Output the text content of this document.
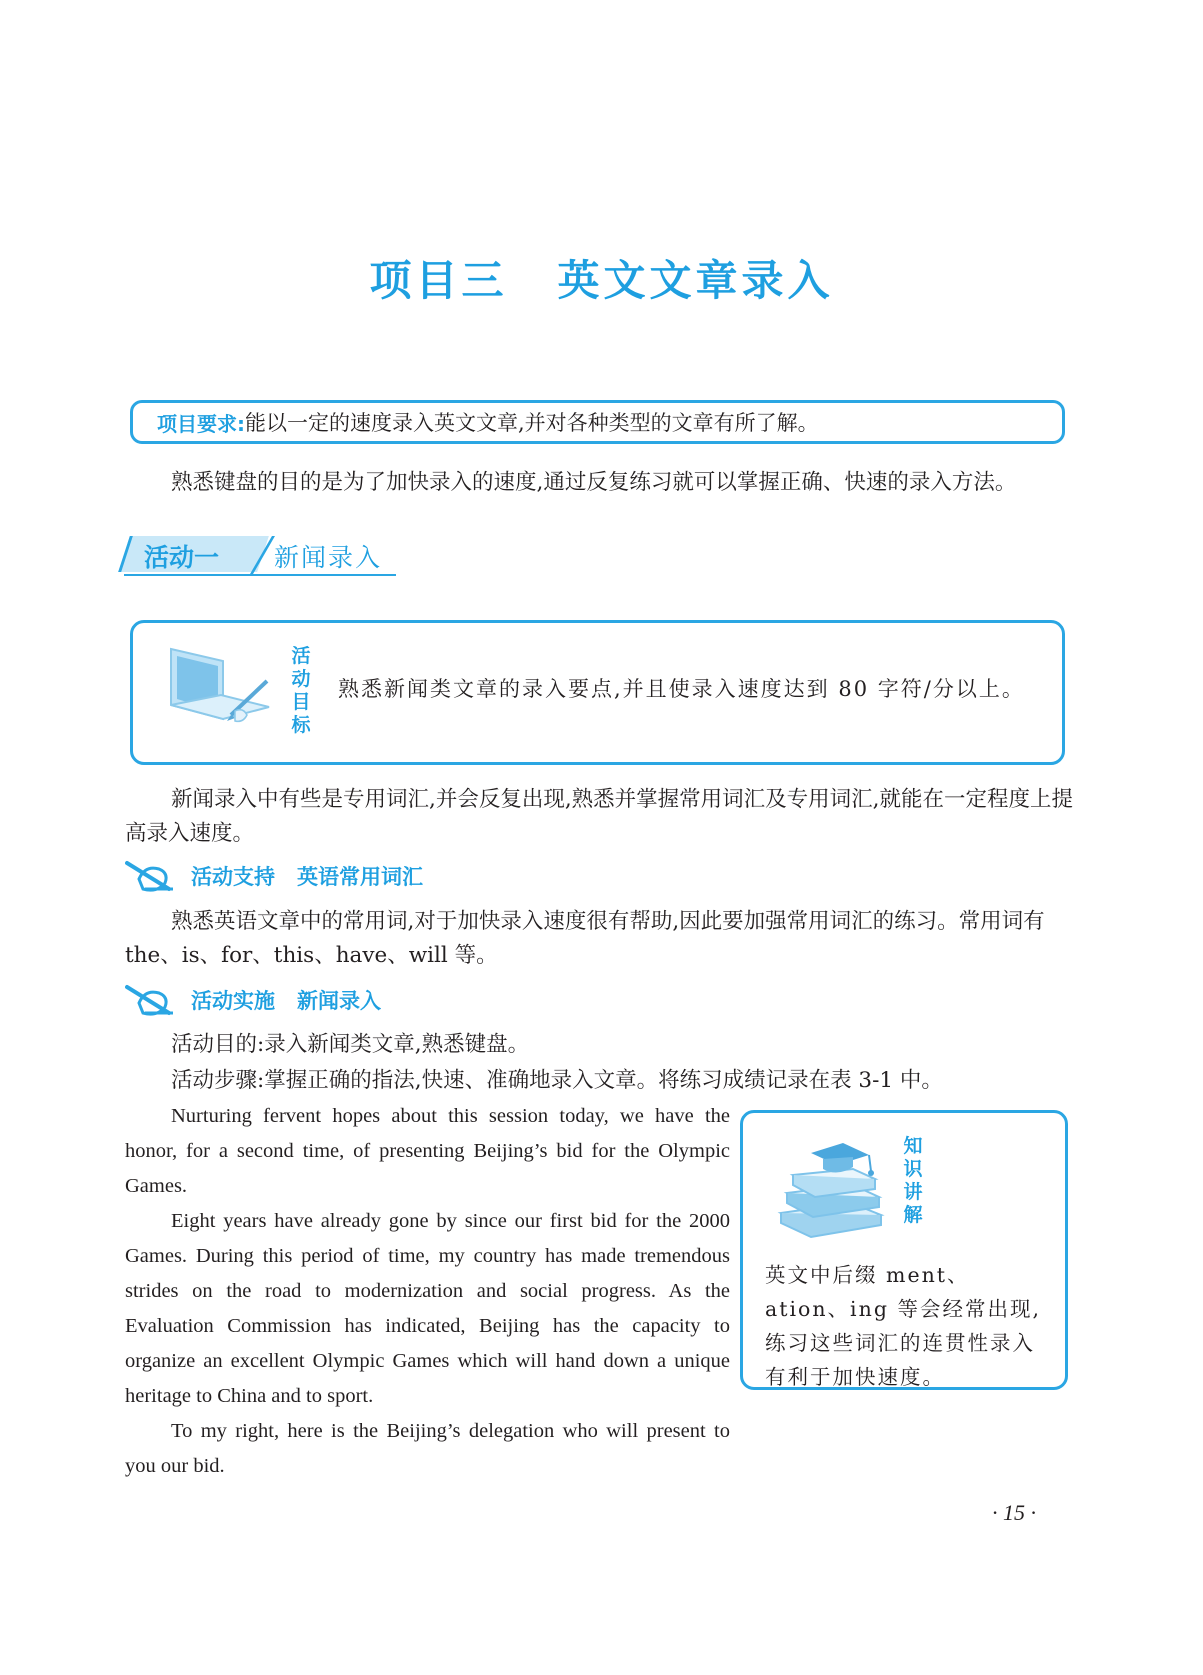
项目三 英文文章录入
项目要求: 能以一定的速度录入英文文章,并对各种类型的文章有所了解。
熟悉键盘的目的是为了加快录入的速度,通过反复练习就可以掌握正确、快速的录入方法。
活动一 新闻录入
活
动
目
标
熟悉新闻类文章的录入要点,并且使录入速度达到 80 字符/分以上。
新闻录入中有些是专用词汇,并会反复出现,熟悉并掌握常用词汇及专用词汇,就能在一定程度上提高录入速度。
活动支持 英语常用词汇
熟悉英语文章中的常用词,对于加快录入速度很有帮助,因此要加强常用词汇的练习。常用词有 the、is、for、this、have、will 等。
活动实施 新闻录入
活动目的:录入新闻类文章,熟悉键盘。
活动步骤:掌握正确的指法,快速、准确地录入文章。将练习成绩记录在表 3-1 中。

Nurturing fervent hopes about this session today, we have the honor, for a second time, of presenting Beijing’s bid for the Olympic Games.

Eight years have already gone by since our first bid for the 2000 Games. During this period of time, my country has made tremendous strides on the road to modernization and social progress. As the Evaluation Commission has indicated, Beijing has the capacity to organize an excellent Olympic Games which will hand down a unique heritage to China and to sport.

To my right, here is the Beijing’s delegation who will present to you our bid.

知
识
讲
解
英文中后缀 ment、ation、ing 等会经常出现,练习这些词汇的连贯性录入有利于加快速度。
· 15 ·
